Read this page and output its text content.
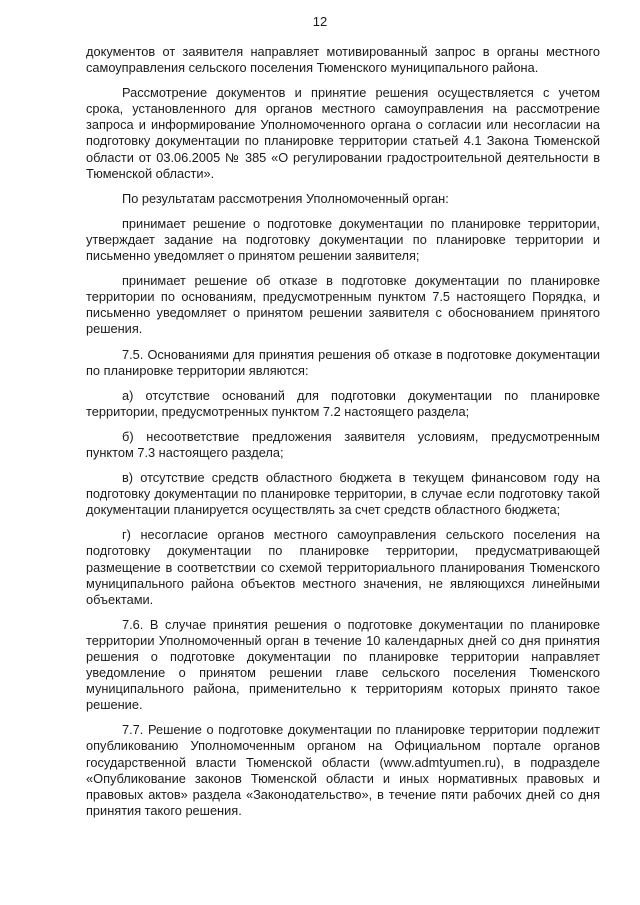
12

документов от заявителя направляет мотивированный запрос в органы местного самоуправления сельского поселения Тюменского муниципального района.

Рассмотрение документов и принятие решения осуществляется с учетом срока, установленного для органов местного самоуправления на рассмотрение запроса и информирование Уполномоченного органа о согласии или несогласии на подготовку документации по планировке территории статьей 4.1 Закона Тюменской области от 03.06.2005 № 385 «О регулировании градостроительной деятельности в Тюменской области».

По результатам рассмотрения Уполномоченный орган:

принимает решение о подготовке документации по планировке территории, утверждает задание на подготовку документации по планировке территории и письменно уведомляет о принятом решении заявителя;

принимает решение об отказе в подготовке документации по планировке территории по основаниям, предусмотренным пунктом 7.5 настоящего Порядка, и письменно уведомляет о принятом решении заявителя с обоснованием принятого решения.

7.5. Основаниями для принятия решения об отказе в подготовке документации по планировке территории являются:

а) отсутствие оснований для подготовки документации по планировке территории, предусмотренных пунктом 7.2 настоящего раздела;

б) несоответствие предложения заявителя условиям, предусмотренным пунктом 7.3 настоящего раздела;

в) отсутствие средств областного бюджета в текущем финансовом году на подготовку документации по планировке территории, в случае если подготовку такой документации планируется осуществлять за счет средств областного бюджета;

г) несогласие органов местного самоуправления сельского поселения на подготовку документации по планировке территории, предусматривающей размещение в соответствии со схемой территориального планирования Тюменского муниципального района объектов местного значения, не являющихся линейными объектами.

7.6. В случае принятия решения о подготовке документации по планировке территории Уполномоченный орган в течение 10 календарных дней со дня принятия решения о подготовке документации по планировке территории направляет уведомление о принятом решении главе сельского поселения Тюменского муниципального района, применительно к территориям которых принято такое решение.

7.7. Решение о подготовке документации по планировке территории подлежит опубликованию Уполномоченным органом на Официальном портале органов государственной власти Тюменской области (www.admtyumen.ru), в подразделе «Опубликование законов Тюменской области и иных нормативных правовых и правовых актов» раздела «Законодательство», в течение пяти рабочих дней со дня принятия такого решения.
